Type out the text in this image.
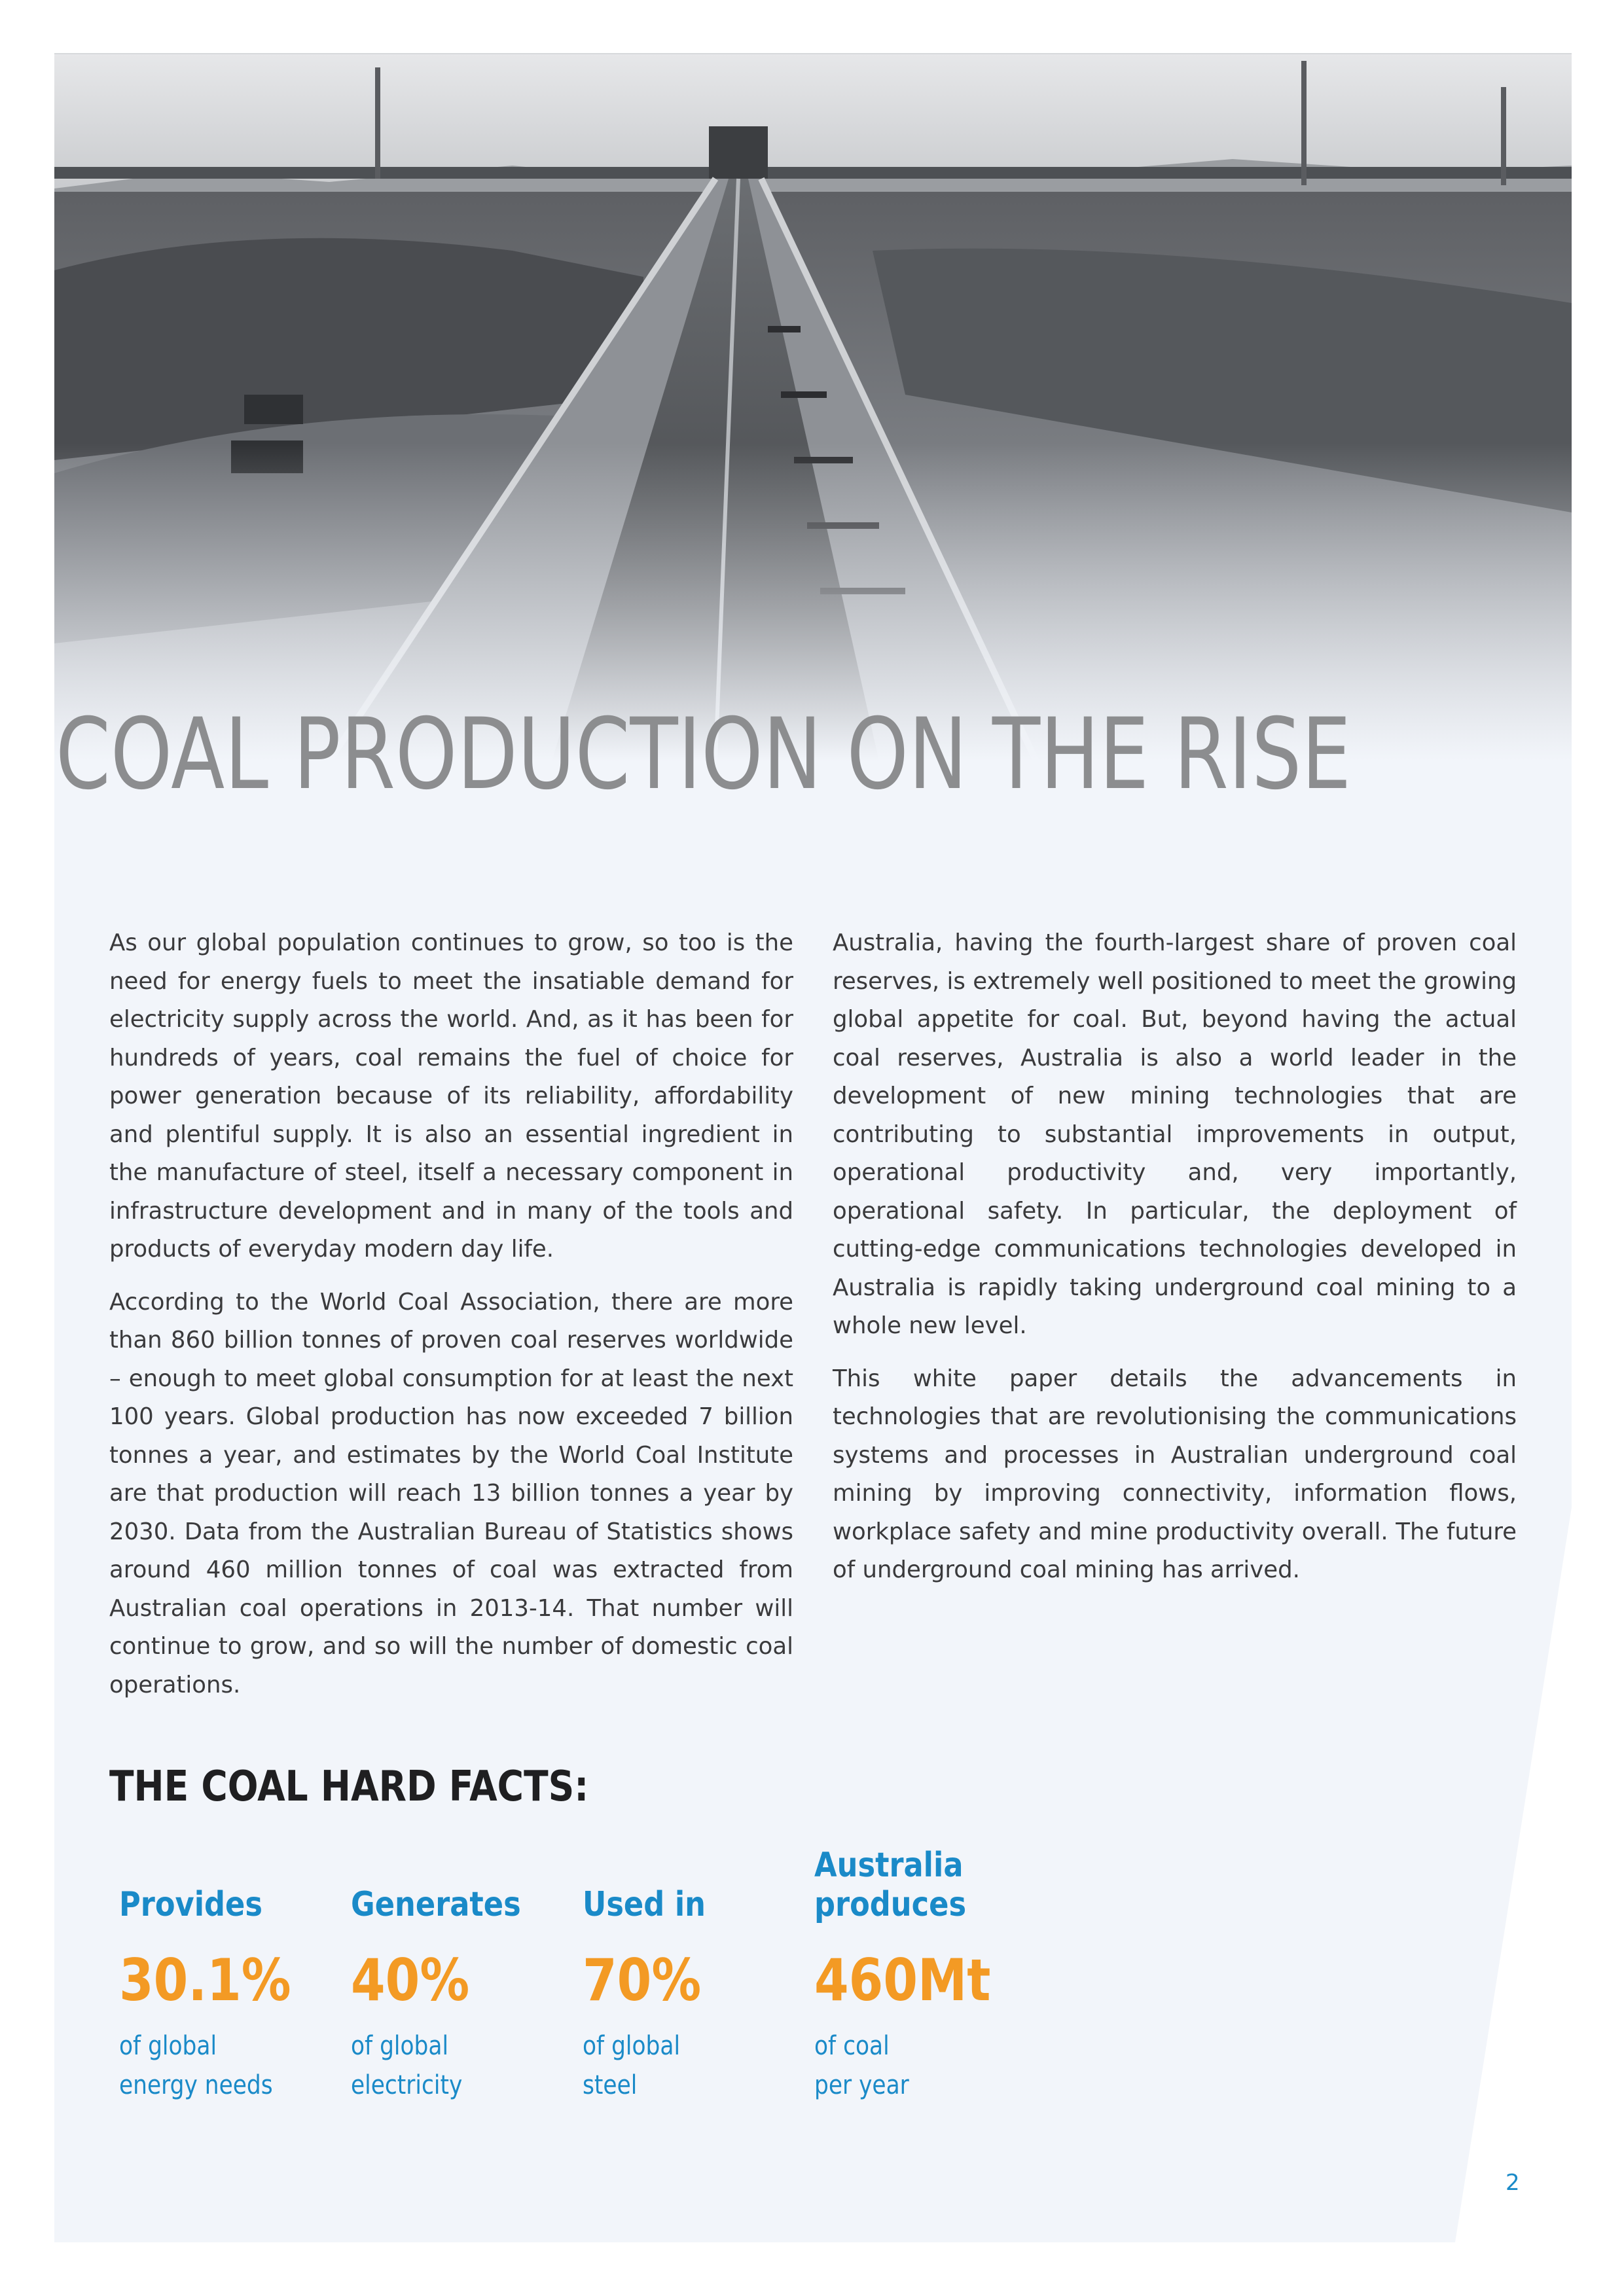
COAL PRODUCTION ON THE RISE

As our global population continues to grow, so too is the need for energy fuels to meet the insatiable demand for electricity supply across the world. And, as it has been for hundreds of years, coal remains the fuel of choice for power generation because of its reliability, affordability and plentiful supply. It is also an essential ingredient in the manufacture of steel, itself a necessary component in infrastructure development and in many of the tools and products of everyday modern day life.

According to the World Coal Association, there are more than 860 billion tonnes of proven coal reserves worldwide – enough to meet global consumption for at least the next 100 years. Global production has now exceeded 7 billion tonnes a year, and estimates by the World Coal Institute are that production will reach 13 billion tonnes a year by 2030. Data from the Australian Bureau of Statistics shows around 460 million tonnes of coal was extracted from Australian coal operations in 2013-14. That number will continue to grow, and so will the number of domestic coal operations.

Australia, having the fourth-largest share of proven coal reserves, is extremely well positioned to meet the growing global appetite for coal. But, beyond having the actual coal reserves, Australia is also a world leader in the development of new mining technologies that are contributing to substantial improvements in output, operational productivity and, very importantly, operational safety. In particular, the deployment of cutting-edge communications technologies developed in Australia is rapidly taking underground coal mining to a whole new level.

This white paper details the advancements in technologies that are revolutionising the communications systems and processes in Australian underground coal mining by improving connectivity, information flows, workplace safety and mine productivity overall. The future of underground coal mining has arrived.

THE COAL HARD FACTS:
Provides
30.1%
of global
energy needs
Generates
40%
of global
electricity
Used in
70%
of global
steel
Australia
produces
460Mt
of coal
per year
2
